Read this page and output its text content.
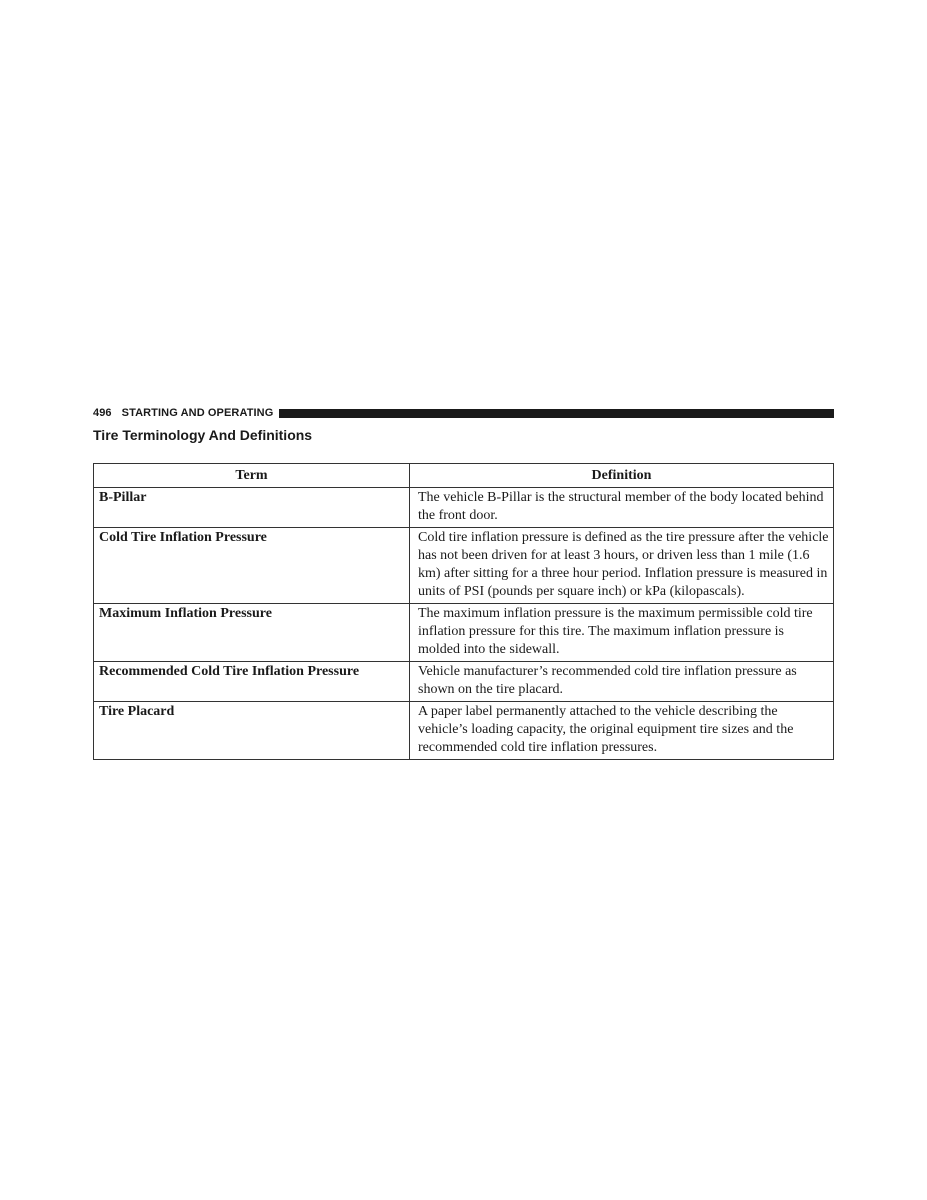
496 STARTING AND OPERATING
Tire Terminology And Definitions
Term	Definition
B-Pillar	The vehicle B-Pillar is the structural member of the body located behind the front door.
Cold Tire Inflation Pressure	Cold tire inflation pressure is defined as the tire pressure after the vehicle has not been driven for at least 3 hours, or driven less than 1 mile (1.6 km) after sitting for a three hour period. Inflation pressure is measured in units of PSI (pounds per square inch) or kPa (kilopascals).
Maximum Inflation Pressure	The maximum inflation pressure is the maximum permissible cold tire inflation pressure for this tire. The maximum inflation pressure is molded into the sidewall.
Recommended Cold Tire Inflation Pressure	Vehicle manufacturer’s recommended cold tire inflation pressure as shown on the tire placard.
Tire Placard	A paper label permanently attached to the vehicle describing the vehicle’s loading capacity, the original equipment tire sizes and the recommended cold tire inflation pressures.
